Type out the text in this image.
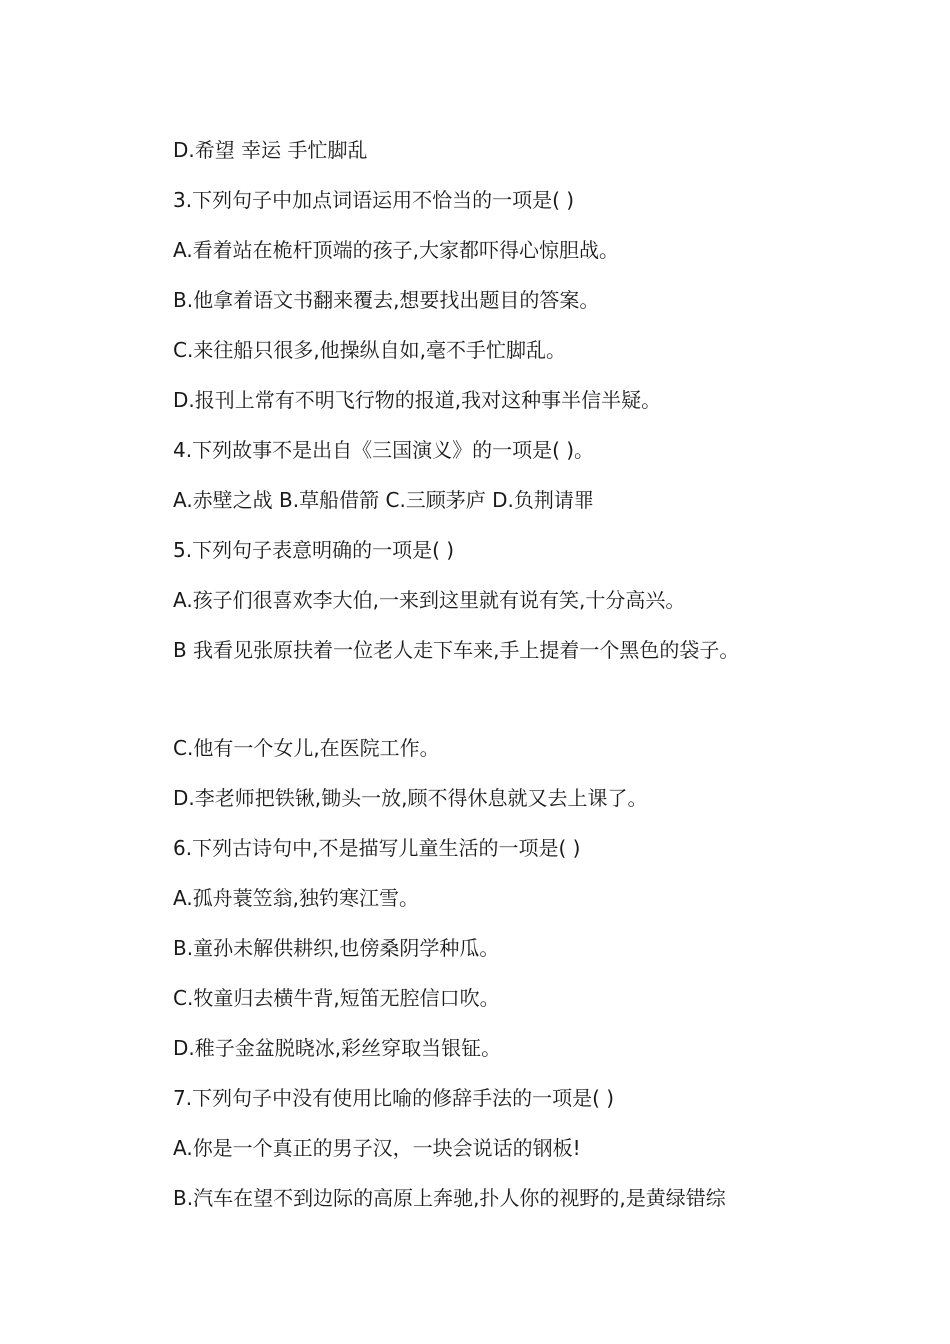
D.希望 幸运 手忙脚乱
3.下列句子中加点词语运用不恰当的一项是( )
A.看着站在桅杆顶端的孩子,大家都吓得心惊胆战。
B.他拿着语文书翻来覆去,想要找出题目的答案。
C.来往船只很多,他操纵自如,毫不手忙脚乱。
D.报刊上常有不明飞行物的报道,我对这种事半信半疑。
4.下列故事不是出自《三国演义》的一项是( )。
A.赤壁之战 B.草船借箭 C.三顾茅庐 D.负荆请罪
5.下列句子表意明确的一项是( )
A.孩子们很喜欢李大伯,一来到这里就有说有笑,十分高兴。
B 我看见张原扶着一位老人走下车来,手上提着一个黑色的袋子。
C.他有一个女儿,在医院工作。
D.李老师把铁锹,锄头一放,顾不得休息就又去上课了。
6.下列古诗句中,不是描写儿童生活的一项是( )
A.孤舟蓑笠翁,独钓寒江雪。
B.童孙未解供耕织,也傍桑阴学种瓜。
C.牧童归去横牛背,短笛无腔信口吹。
D.稚子金盆脱晓冰,彩丝穿取当银钲。
7.下列句子中没有使用比喻的修辞手法的一项是( )
A.你是一个真正的男子汉，一块会说话的钢板!
B.汽车在望不到边际的高原上奔驰,扑人你的视野的,是黄绿错综
